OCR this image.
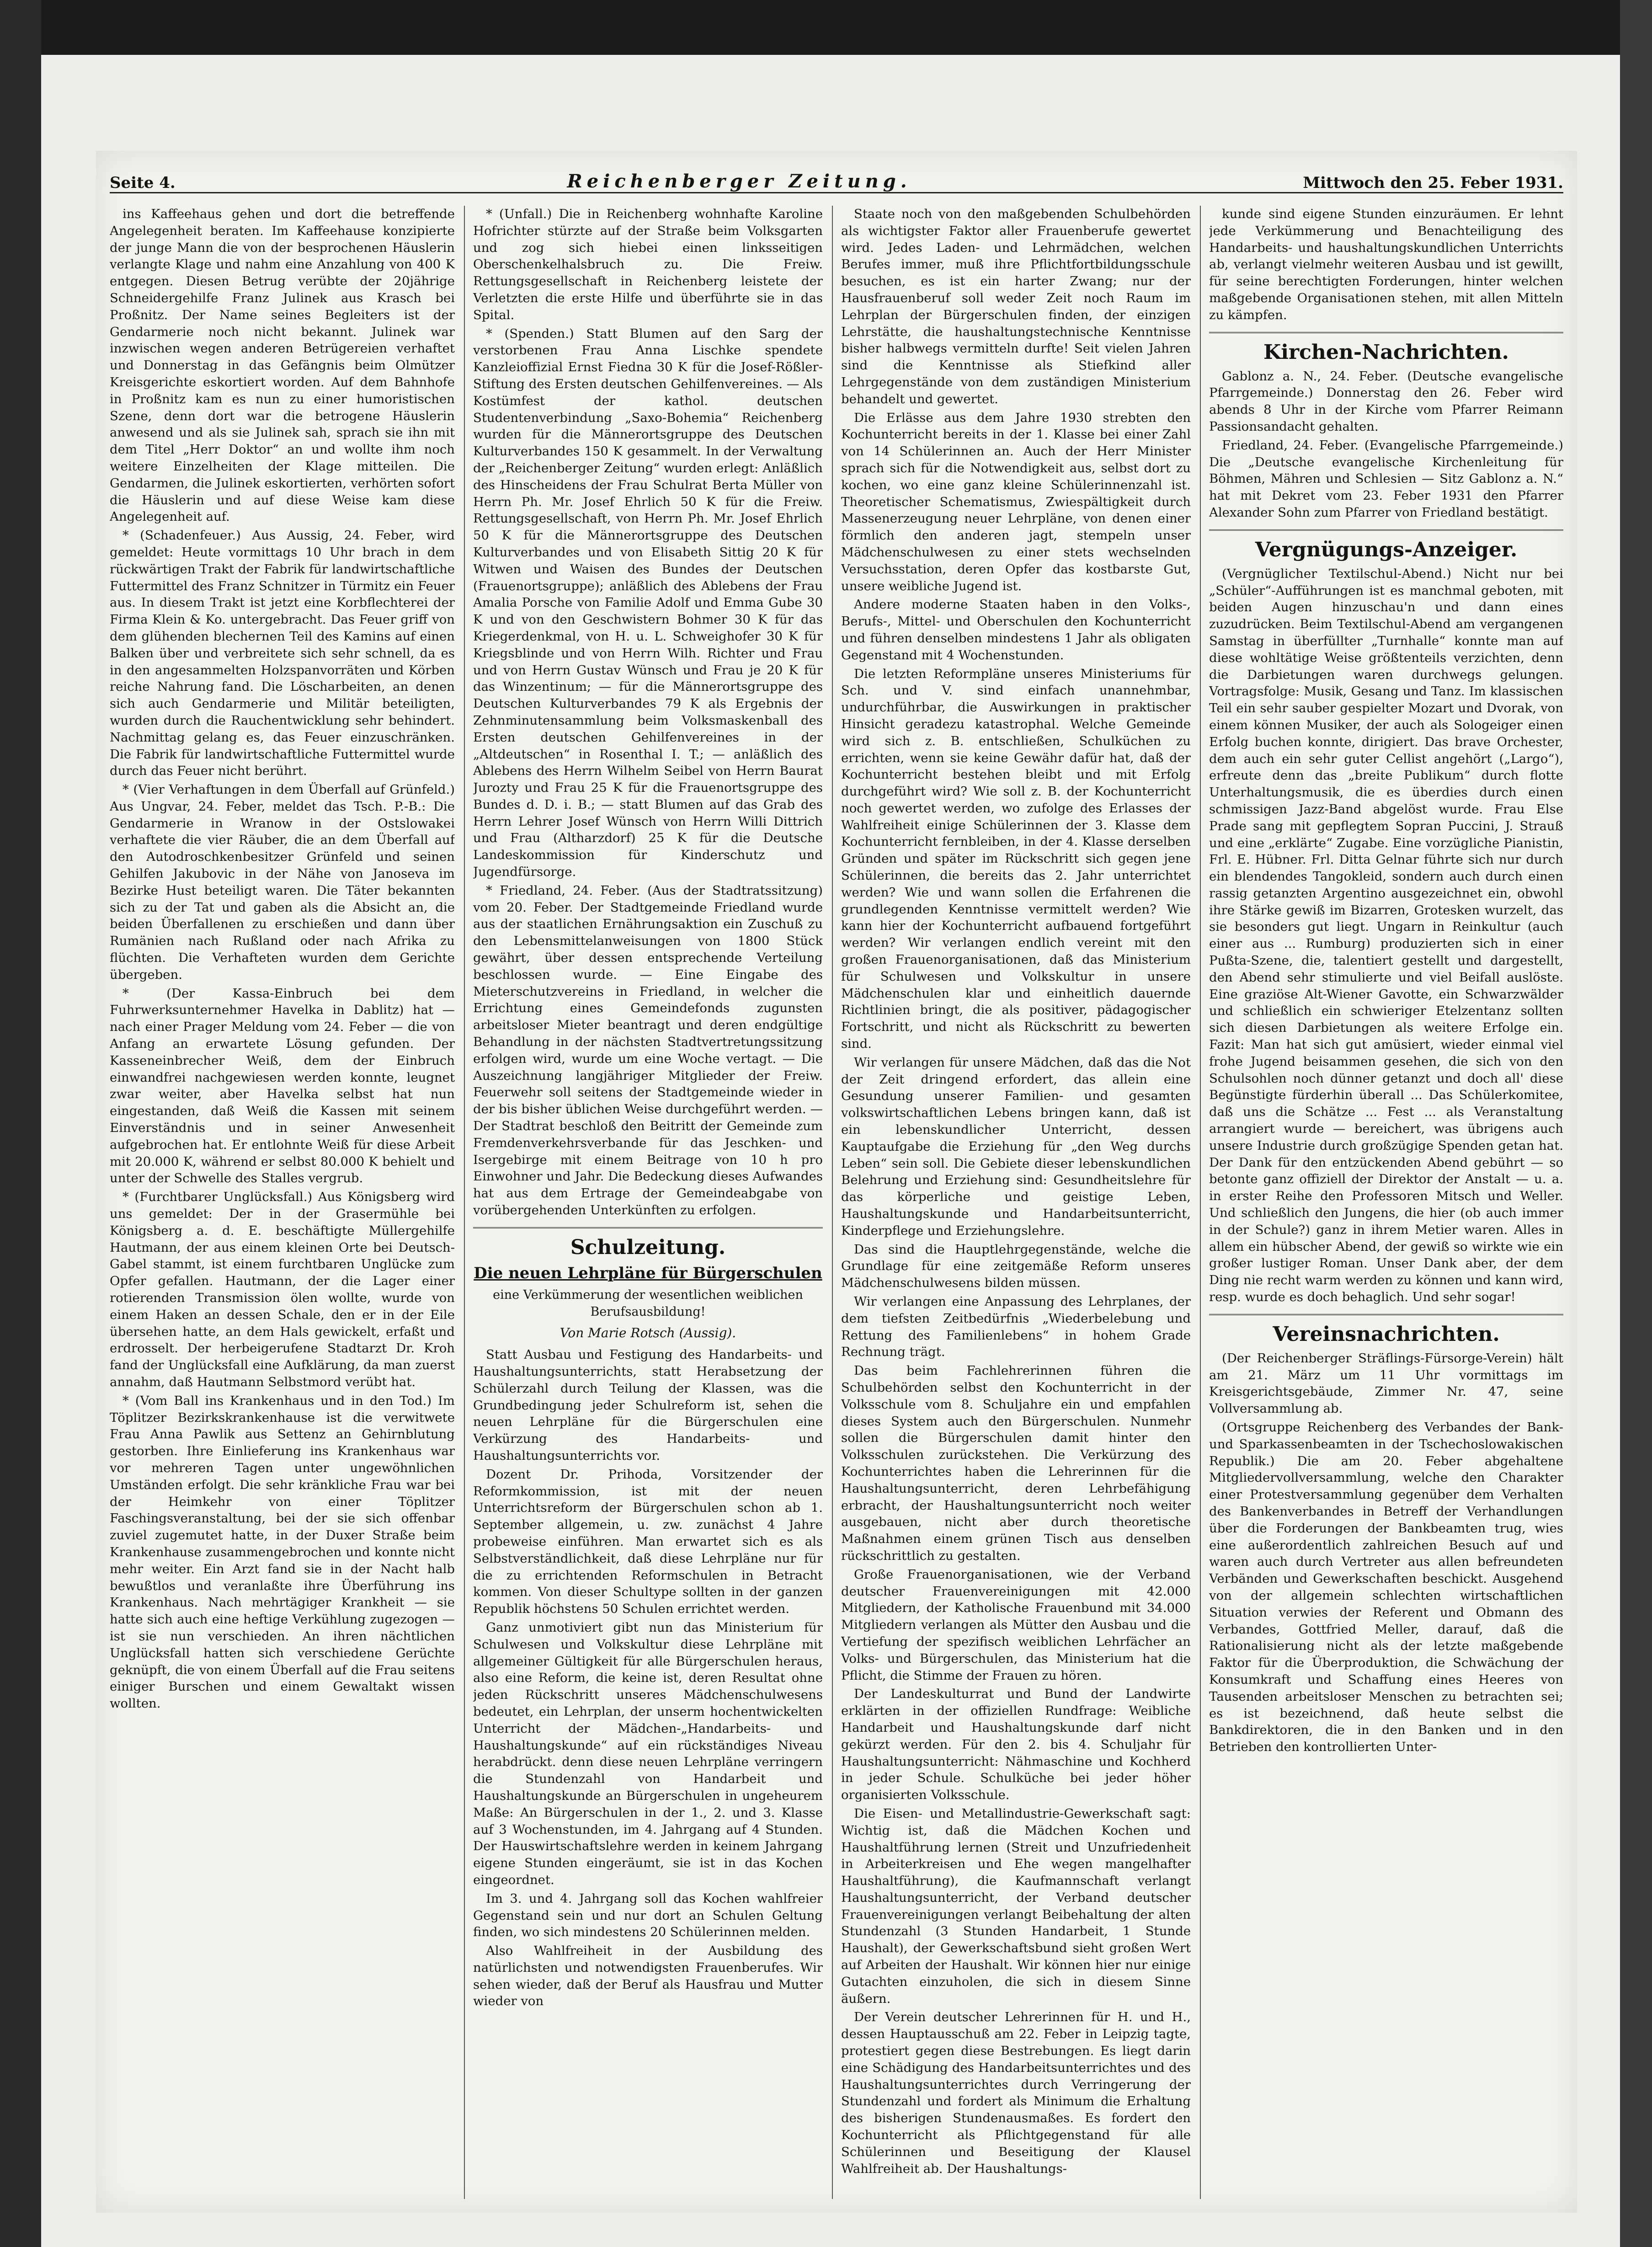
Seite 4.	Reichenberger Zeitung.	Mittwoch den 25. Feber 1931.

ins Kaffeehaus gehen und dort die betreffende Angelegenheit beraten. Im Kaffeehause konzipierte der junge Mann die von der besprochenen Häuslerin verlangte Klage und nahm eine Anzahlung von 400 K entgegen. Diesen Betrug verübte der 20jährige Schneidergehilfe Franz Julinek aus Krasch bei Proßnitz. Der Name seines Begleiters ist der Gendarmerie noch nicht bekannt. Julinek war inzwischen wegen anderen Betrügereien verhaftet und Donnerstag in das Gefängnis beim Olmützer Kreisgerichte eskortiert worden. Auf dem Bahnhofe in Proßnitz kam es nun zu einer humoristischen Szene, denn dort war die betrogene Häuslerin anwesend und als sie Julinek sah, sprach sie ihn mit dem Titel „Herr Doktor“ an und wollte ihm noch weitere Einzelheiten der Klage mitteilen. Die Gendarmen, die Julinek eskortierten, verhörten sofort die Häuslerin und auf diese Weise kam diese Angelegenheit auf.

* (Schadenfeuer.) Aus Aussig, 24. Feber, wird gemeldet: Heute vormittags 10 Uhr brach in dem rückwärtigen Trakt der Fabrik für landwirtschaftliche Futtermittel des Franz Schnitzer in Türmitz ein Feuer aus. In diesem Trakt ist jetzt eine Korbflechterei der Firma Klein & Ko. untergebracht. Das Feuer griff von dem glühenden blechernen Teil des Kamins auf einen Balken über und verbreitete sich sehr schnell, da es in den angesammelten Holzspanvorräten und Körben reiche Nahrung fand. Die Löscharbeiten, an denen sich auch Gendarmerie und Militär beteiligten, wurden durch die Rauchentwicklung sehr behindert. Nachmittag gelang es, das Feuer einzuschränken. Die Fabrik für landwirtschaftliche Futtermittel wurde durch das Feuer nicht berührt.

* (Vier Verhaftungen in dem Überfall auf Grünfeld.) Aus Ungvar, 24. Feber, meldet das Tsch. P.-B.: Die Gendarmerie in Wranow in der Ostslowakei verhaftete die vier Räuber, die an dem Überfall auf den Autodroschkenbesitzer Grünfeld und seinen Gehilfen Jakubovic in der Nähe von Janoseva im Bezirke Hust beteiligt waren. Die Täter bekannten sich zu der Tat und gaben als die Absicht an, die beiden Überfallenen zu erschießen und dann über Rumänien nach Rußland oder nach Afrika zu flüchten. Die Verhafteten wurden dem Gerichte übergeben.

* (Der Kassa-Einbruch bei dem Fuhrwerksunternehmer Havelka in Dablitz) hat — nach einer Prager Meldung vom 24. Feber — die von Anfang an erwartete Lösung gefunden. Der Kasseneinbrecher Weiß, dem der Einbruch einwandfrei nachgewiesen werden konnte, leugnet zwar weiter, aber Havelka selbst hat nun eingestanden, daß Weiß die Kassen mit seinem Einverständnis und in seiner Anwesenheit aufgebrochen hat. Er entlohnte Weiß für diese Arbeit mit 20.000 K, während er selbst 80.000 K behielt und unter der Schwelle des Stalles vergrub.

* (Furchtbarer Unglücksfall.) Aus Königsberg wird uns gemeldet: Der in der Grasermühle bei Königsberg a. d. E. beschäftigte Müllergehilfe Hautmann, der aus einem kleinen Orte bei Deutsch-Gabel stammt, ist einem furchtbaren Unglücke zum Opfer gefallen. Hautmann, der die Lager einer rotierenden Transmission ölen wollte, wurde von einem Haken an dessen Schale, den er in der Eile übersehen hatte, an dem Hals gewickelt, erfaßt und erdrosselt. Der herbeigerufene Stadtarzt Dr. Kroh fand der Unglücksfall eine Aufklärung, da man zuerst annahm, daß Hautmann Selbstmord verübt hat.

* (Vom Ball ins Krankenhaus und in den Tod.) Im Töplitzer Bezirkskrankenhause ist die verwitwete Frau Anna Pawlik aus Settenz an Gehirnblutung gestorben. Ihre Einlieferung ins Krankenhaus war vor mehreren Tagen unter ungewöhnlichen Umständen erfolgt. Die sehr kränkliche Frau war bei der Heimkehr von einer Töplitzer Faschingsveranstaltung, bei der sie sich offenbar zuviel zugemutet hatte, in der Duxer Straße beim Krankenhause zusammengebrochen und konnte nicht mehr weiter. Ein Arzt fand sie in der Nacht halb bewußtlos und veranlaßte ihre Überführung ins Krankenhaus. Nach mehrtägiger Krankheit — sie hatte sich auch eine heftige Verkühlung zugezogen — ist sie nun verschieden. An ihren nächtlichen Unglücksfall hatten sich verschiedene Gerüchte geknüpft, die von einem Überfall auf die Frau seitens einiger Burschen und einem Gewaltakt wissen wollten.

* (Unfall.) Die in Reichenberg wohnhafte Karoline Hofrichter stürzte auf der Straße beim Volksgarten und zog sich hiebei einen linksseitigen Oberschenkelhalsbruch zu. Die Freiw. Rettungsgesellschaft in Reichenberg leistete der Verletzten die erste Hilfe und überführte sie in das Spital.

* (Spenden.) Statt Blumen auf den Sarg der verstorbenen Frau Anna Lischke spendete Kanzleioffizial Ernst Fiedna 30 K für die Josef-Rößler-Stiftung des Ersten deutschen Gehilfenvereines. — Als Kostümfest der kathol. deutschen Studentenverbindung „Saxo-Bohemia“ Reichenberg wurden für die Männerortsgruppe des Deutschen Kulturverbandes 150 K gesammelt. In der Verwaltung der „Reichenberger Zeitung“ wurden erlegt: Anläßlich des Hinscheidens der Frau Schulrat Berta Müller von Herrn Ph. Mr. Josef Ehrlich 50 K für die Freiw. Rettungsgesellschaft, von Herrn Ph. Mr. Josef Ehrlich 50 K für die Männerortsgruppe des Deutschen Kulturverbandes und von Elisabeth Sittig 20 K für Witwen und Waisen des Bundes der Deutschen (Frauenortsgruppe); anläßlich des Ablebens der Frau Amalia Porsche von Familie Adolf und Emma Gube 30 K und von den Geschwistern Bohmer 30 K für das Kriegerdenkmal, von H. u. L. Schweighofer 30 K für Kriegsblinde und von Herrn Wilh. Richter und Frau und von Herrn Gustav Wünsch und Frau je 20 K für das Winzentinum; — für die Männerortsgruppe des Deutschen Kulturverbandes 79 K als Ergebnis der Zehnminutensammlung beim Volksmaskenball des Ersten deutschen Gehilfenvereines in der „Altdeutschen“ in Rosenthal I. T.; — anläßlich des Ablebens des Herrn Wilhelm Seibel von Herrn Baurat Jurozty und Frau 25 K für die Frauenortsgruppe des Bundes d. D. i. B.; — statt Blumen auf das Grab des Herrn Lehrer Josef Wünsch von Herrn Willi Dittrich und Frau (Altharzdorf) 25 K für die Deutsche Landeskommission für Kinderschutz und Jugendfürsorge.

* Friedland, 24. Feber. (Aus der Stadtratssitzung) vom 20. Feber. Der Stadtgemeinde Friedland wurde aus der staatlichen Ernährungsaktion ein Zuschuß zu den Lebensmittelanweisungen von 1800 Stück gewährt, über dessen entsprechende Verteilung beschlossen wurde. — Eine Eingabe des Mieterschutzvereins in Friedland, in welcher die Errichtung eines Gemeindefonds zugunsten arbeitsloser Mieter beantragt und deren endgültige Behandlung in der nächsten Stadtvertretungssitzung erfolgen wird, wurde um eine Woche vertagt. — Die Auszeichnung langjähriger Mitglieder der Freiw. Feuerwehr soll seitens der Stadtgemeinde wieder in der bis bisher üblichen Weise durchgeführt werden. — Der Stadtrat beschloß den Beitritt der Gemeinde zum Fremdenverkehrsverbande für das Jeschken- und Isergebirge mit einem Beitrage von 10 h pro Einwohner und Jahr. Die Bedeckung dieses Aufwandes hat aus dem Ertrage der Gemeindeabgabe von vorübergehenden Unterkünften zu erfolgen.

Schulzeitung.
Die neuen Lehrpläne für Bürgerschulen
eine Verkümmerung der wesentlichen weiblichen Berufsausbildung!
Von Marie Rotsch (Aussig).

Statt Ausbau und Festigung des Handarbeits- und Haushaltungsunterrichts, statt Herabsetzung der Schülerzahl durch Teilung der Klassen, was die Grundbedingung jeder Schulreform ist, sehen die neuen Lehrpläne für die Bürgerschulen eine Verkürzung des Handarbeits- und Haushaltungsunterrichts vor.

Dozent Dr. Prihoda, Vorsitzender der Reformkommission, ist mit der neuen Unterrichtsreform der Bürgerschulen schon ab 1. September allgemein, u. zw. zunächst 4 Jahre probeweise einführen. Man erwartet sich es als Selbstverständlichkeit, daß diese Lehrpläne nur für die zu errichtenden Reformschulen in Betracht kommen. Von dieser Schultype sollten in der ganzen Republik höchstens 50 Schulen errichtet werden.

Ganz unmotiviert gibt nun das Ministerium für Schulwesen und Volkskultur diese Lehrpläne mit allgemeiner Gültigkeit für alle Bürgerschulen heraus, also eine Reform, die keine ist, deren Resultat ohne jeden Rückschritt unseres Mädchenschulwesens bedeutet, ein Lehrplan, der unserm hochentwickelten Unterricht der Mädchen-„Handarbeits- und Haushaltungskunde“ auf ein rückständiges Niveau herabdrückt. denn diese neuen Lehrpläne verringern die Stundenzahl von Handarbeit und Haushaltungskunde an Bürgerschulen in ungeheurem Maße: An Bürgerschulen in der 1., 2. und 3. Klasse auf 3 Wochenstunden, im 4. Jahrgang auf 4 Stunden. Der Hauswirtschaftslehre werden in keinem Jahrgang eigene Stunden eingeräumt, sie ist in das Kochen eingeordnet.

Im 3. und 4. Jahrgang soll das Kochen wahlfreier Gegenstand sein und nur dort an Schulen Geltung finden, wo sich mindestens 20 Schülerinnen melden.

Also Wahlfreiheit in der Ausbildung des natürlichsten und notwendigsten Frauenberufes. Wir sehen wieder, daß der Beruf als Hausfrau und Mutter wieder von

Staate noch von den maßgebenden Schulbehörden als wichtigster Faktor aller Frauenberufe gewertet wird. Jedes Laden- und Lehrmädchen, welchen Berufes immer, muß ihre Pflichtfortbildungsschule besuchen, es ist ein harter Zwang; nur der Hausfrauenberuf soll weder Zeit noch Raum im Lehrplan der Bürgerschulen finden, der einzigen Lehrstätte, die haushaltungstechnische Kenntnisse bisher halbwegs vermitteln durfte! Seit vielen Jahren sind die Kenntnisse als Stiefkind aller Lehrgegenstände von dem zuständigen Ministerium behandelt und gewertet.

Die Erlässe aus dem Jahre 1930 strebten den Kochunterricht bereits in der 1. Klasse bei einer Zahl von 14 Schülerinnen an. Auch der Herr Minister sprach sich für die Notwendigkeit aus, selbst dort zu kochen, wo eine ganz kleine Schülerinnenzahl ist. Theoretischer Schematismus, Zwiespältigkeit durch Massenerzeugung neuer Lehrpläne, von denen einer förmlich den anderen jagt, stempeln unser Mädchenschulwesen zu einer stets wechselnden Versuchsstation, deren Opfer das kostbarste Gut, unsere weibliche Jugend ist.

Andere moderne Staaten haben in den Volks-, Berufs-, Mittel- und Oberschulen den Kochunterricht und führen denselben mindestens 1 Jahr als obligaten Gegenstand mit 4 Wochenstunden.

Die letzten Reformpläne unseres Ministeriums für Sch. und V. sind einfach unannehmbar, undurchführbar, die Auswirkungen in praktischer Hinsicht geradezu katastrophal. Welche Gemeinde wird sich z. B. entschließen, Schulküchen zu errichten, wenn sie keine Gewähr dafür hat, daß der Kochunterricht bestehen bleibt und mit Erfolg durchgeführt wird? Wie soll z. B. der Kochunterricht noch gewertet werden, wo zufolge des Erlasses der Wahlfreiheit einige Schülerinnen der 3. Klasse dem Kochunterricht fernbleiben, in der 4. Klasse derselben Gründen und später im Rückschritt sich gegen jene Schülerinnen, die bereits das 2. Jahr unterrichtet werden? Wie und wann sollen die Erfahrenen die grundlegenden Kenntnisse vermittelt werden? Wie kann hier der Kochunterricht aufbauend fortgeführt werden? Wir verlangen endlich vereint mit den großen Frauenorganisationen, daß das Ministerium für Schulwesen und Volkskultur in unsere Mädchenschulen klar und einheitlich dauernde Richtlinien bringt, die als positiver, pädagogischer Fortschritt, und nicht als Rückschritt zu bewerten sind.

Wir verlangen für unsere Mädchen, daß das die Not der Zeit dringend erfordert, das allein eine Gesundung unserer Familien- und gesamten volkswirtschaftlichen Lebens bringen kann, daß ist ein lebenskundlicher Unterricht, dessen Kauptaufgabe die Erziehung für „den Weg durchs Leben“ sein soll. Die Gebiete dieser lebenskundlichen Belehrung und Erziehung sind: Gesundheitslehre für das körperliche und geistige Leben, Haushaltungskunde und Handarbeitsunterricht, Kinderpflege und Erziehungslehre.

Das sind die Hauptlehrgegenstände, welche die Grundlage für eine zeitgemäße Reform unseres Mädchenschulwesens bilden müssen.

Wir verlangen eine Anpassung des Lehrplanes, der dem tiefsten Zeitbedürfnis „Wiederbelebung und Rettung des Familienlebens“ in hohem Grade Rechnung trägt.

Das beim Fachlehrerinnen führen die Schulbehörden selbst den Kochunterricht in der Volksschule vom 8. Schuljahre ein und empfahlen dieses System auch den Bürgerschulen. Nunmehr sollen die Bürgerschulen damit hinter den Volksschulen zurückstehen. Die Verkürzung des Kochunterrichtes haben die Lehrerinnen für die Haushaltungsunterricht, deren Lehrbefähigung erbracht, der Haushaltungsunterricht noch weiter ausgebauen, nicht aber durch theoretische Maßnahmen einem grünen Tisch aus denselben rückschrittlich zu gestalten.

Große Frauenorganisationen, wie der Verband deutscher Frauenvereinigungen mit 42.000 Mitgliedern, der Katholische Frauenbund mit 34.000 Mitgliedern verlangen als Mütter den Ausbau und die Vertiefung der spezifisch weiblichen Lehrfächer an Volks- und Bürgerschulen, das Ministerium hat die Pflicht, die Stimme der Frauen zu hören.

Der Landeskulturrat und Bund der Landwirte erklärten in der offiziellen Rundfrage: Weibliche Handarbeit und Haushaltungskunde darf nicht gekürzt werden. Für den 2. bis 4. Schuljahr für Haushaltungsunterricht: Nähmaschine und Kochherd in jeder Schule. Schulküche bei jeder höher organisierten Volksschule.

Die Eisen- und Metallindustrie-Gewerkschaft sagt: Wichtig ist, daß die Mädchen Kochen und Haushaltführung lernen (Streit und Unzufriedenheit in Arbeiterkreisen und Ehe wegen mangelhafter Haushaltführung), die Kaufmannschaft verlangt Haushaltungsunterricht, der Verband deutscher Frauenvereinigungen verlangt Beibehaltung der alten Stundenzahl (3 Stunden Handarbeit, 1 Stunde Haushalt), der Gewerkschaftsbund sieht großen Wert auf Arbeiten der Haushalt. Wir können hier nur einige Gutachten einzuholen, die sich in diesem Sinne äußern.

Der Verein deutscher Lehrerinnen für H. und H., dessen Hauptausschuß am 22. Feber in Leipzig tagte, protestiert gegen diese Bestrebungen. Es liegt darin eine Schädigung des Handarbeitsunterrichtes und des Haushaltungsunterrichtes durch Verringerung der Stundenzahl und fordert als Minimum die Erhaltung des bisherigen Stundenausmaßes. Es fordert den Kochunterricht als Pflichtgegenstand für alle Schülerinnen und Beseitigung der Klausel Wahlfreiheit ab. Der Haushaltungs-

kunde sind eigene Stunden einzuräumen. Er lehnt jede Verkümmerung und Benachteiligung des Handarbeits- und haushaltungskundlichen Unterrichts ab, verlangt vielmehr weiteren Ausbau und ist gewillt, für seine berechtigten Forderungen, hinter welchen maßgebende Organisationen stehen, mit allen Mitteln zu kämpfen.

Kirchen-Nachrichten.

Gablonz a. N., 24. Feber. (Deutsche evangelische Pfarrgemeinde.) Donnerstag den 26. Feber wird abends 8 Uhr in der Kirche vom Pfarrer Reimann Passionsandacht gehalten.

Friedland, 24. Feber. (Evangelische Pfarrgemeinde.) Die „Deutsche evangelische Kirchenleitung für Böhmen, Mähren und Schlesien — Sitz Gablonz a. N.“ hat mit Dekret vom 23. Feber 1931 den Pfarrer Alexander Sohn zum Pfarrer von Friedland bestätigt.

Vergnügungs-Anzeiger.

(Vergnüglicher Textilschul-Abend.) Nicht nur bei „Schüler“-Aufführungen ist es manchmal geboten, mit beiden Augen hinzuschau'n und dann eines zuzudrücken. Beim Textilschul-Abend am vergangenen Samstag in überfüllter „Turnhalle“ konnte man auf diese wohltätige Weise größtenteils verzichten, denn die Darbietungen waren durchwegs gelungen. Vortragsfolge: Musik, Gesang und Tanz. Im klassischen Teil ein sehr sauber gespielter Mozart und Dvorak, von einem können Musiker, der auch als Sologeiger einen Erfolg buchen konnte, dirigiert. Das brave Orchester, dem auch ein sehr guter Cellist angehört („Largo“), erfreute denn das „breite Publikum“ durch flotte Unterhaltungsmusik, die es überdies durch einen schmissigen Jazz-Band abgelöst wurde. Frau Else Prade sang mit gepflegtem Sopran Puccini, J. Strauß und eine „erklärte“ Zugabe. Eine vorzügliche Pianistin, Frl. E. Hübner. Frl. Ditta Gelnar führte sich nur durch ein blendendes Tangokleid, sondern auch durch einen rassig getanzten Argentino ausgezeichnet ein, obwohl ihre Stärke gewiß im Bizarren, Grotesken wurzelt, das sie besonders gut liegt. Ungarn in Reinkultur (auch einer aus ... Rumburg) produzierten sich in einer Pußta-Szene, die, talentiert gestellt und dargestellt, den Abend sehr stimulierte und viel Beifall auslöste. Eine graziöse Alt-Wiener Gavotte, ein Schwarzwälder und schließlich ein schwieriger Etelzentanz sollten sich diesen Darbietungen als weitere Erfolge ein. Fazit: Man hat sich gut amüsiert, wieder einmal viel frohe Jugend beisammen gesehen, die sich von den Schulsohlen noch dünner getanzt und doch all' diese Begünstigte fürderhin überall ... Das Schülerkomitee, daß uns die Schätze ... Fest ... als Veranstaltung arrangiert wurde — bereichert, was übrigens auch unsere Industrie durch großzügige Spenden getan hat. Der Dank für den entzückenden Abend gebührt — so betonte ganz offiziell der Direktor der Anstalt — u. a. in erster Reihe den Professoren Mitsch und Weller. Und schließlich den Jungens, die hier (ob auch immer in der Schule?) ganz in ihrem Metier waren. Alles in allem ein hübscher Abend, der gewiß so wirkte wie ein großer lustiger Roman. Unser Dank aber, der dem Ding nie recht warm werden zu können und kann wird, resp. wurde es doch behaglich. Und sehr sogar!

Vereinsnachrichten.

(Der Reichenberger Sträflings-Fürsorge-Verein) hält am 21. März um 11 Uhr vormittags im Kreisgerichtsgebäude, Zimmer Nr. 47, seine Vollversammlung ab.

(Ortsgruppe Reichenberg des Verbandes der Bank- und Sparkassenbeamten in der Tschechoslowakischen Republik.) Die am 20. Feber abgehaltene Mitgliedervollversammlung, welche den Charakter einer Protestversammlung gegenüber dem Verhalten des Bankenverbandes in Betreff der Verhandlungen über die Forderungen der Bankbeamten trug, wies eine außerordentlich zahlreichen Besuch auf und waren auch durch Vertreter aus allen befreundeten Verbänden und Gewerkschaften beschickt. Ausgehend von der allgemein schlechten wirtschaftlichen Situation verwies der Referent und Obmann des Verbandes, Gottfried Meller, darauf, daß die Rationalisierung nicht als der letzte maßgebende Faktor für die Überproduktion, die Schwächung der Konsumkraft und Schaffung eines Heeres von Tausenden arbeitsloser Menschen zu betrachten sei; es ist bezeichnend, daß heute selbst die Bankdirektoren, die in den Banken und in den Betrieben den kontrollierten Unter-
